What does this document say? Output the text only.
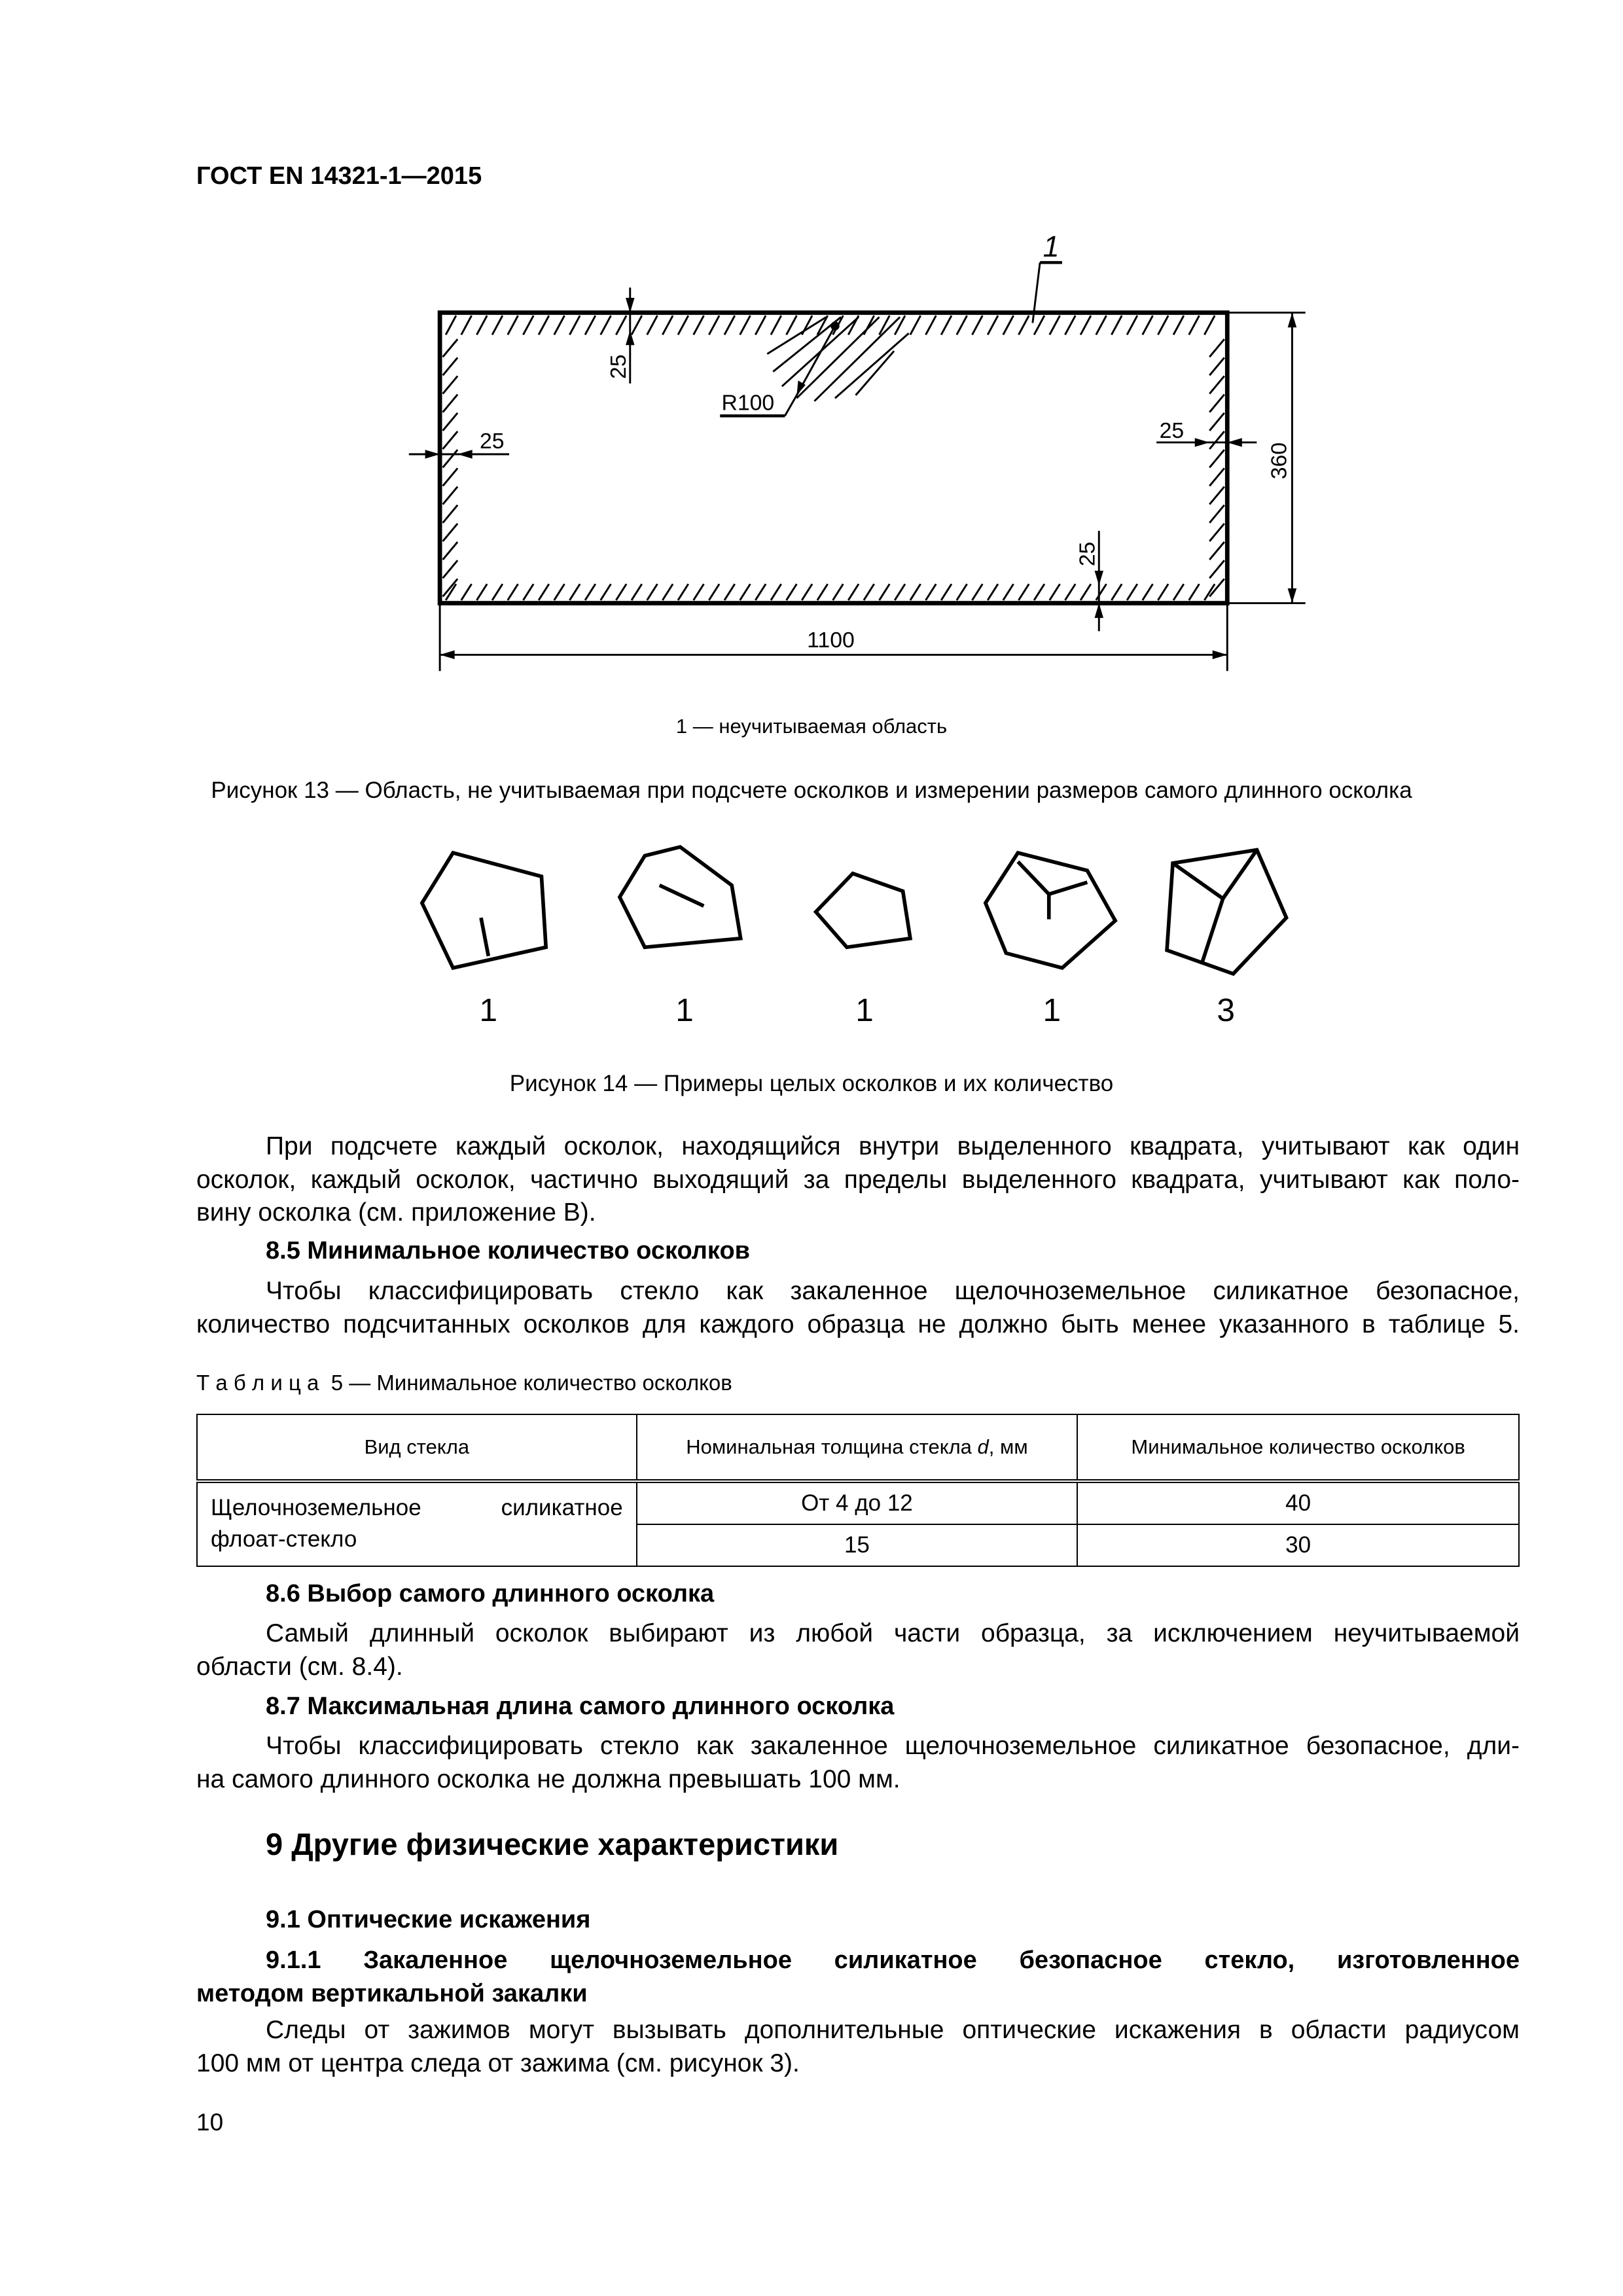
ГОСТ EN 14321-1—2015
1
R100
25
25	25
25
360
1100
1 — неучитываемая область
Рисунок 13 — Область, не учитываемая при подсчете осколков и измерении размеров самого длинного осколка
1	1	1	1	3
Рисунок 14 — Примеры целых осколков и их количество
При подсчете каждый осколок, находящийся внутри выделенного квадрата, учитывают как один
осколок, каждый осколок, частично выходящий за пределы выделенного квадрата, учитывают как поло-
вину осколка (см. приложение В).
8.5 Минимальное количество осколков
Чтобы классифицировать стекло как закаленное щелочноземельное силикатное безопасное,
количество подсчитанных осколков для каждого образца не должно быть менее указанного в таблице 5.
Т а б л и ц а  5 — Минимальное количество осколков
Вид стекла	Номинальная толщина стекла d, мм	Минимальное количество осколков

Щелочноземельное силикатное
флоат-стекло	От 4 до 12	40
	15	30
8.6 Выбор самого длинного осколка
Самый длинный осколок выбирают из любой части образца, за исключением неучитываемой
области (см. 8.4).
8.7 Максимальная длина самого длинного осколка
Чтобы классифицировать стекло как закаленное щелочноземельное силикатное безопасное, дли-
на самого длинного осколка не должна превышать 100 мм.
9 Другие физические характеристики
9.1 Оптические искажения
9.1.1 Закаленное щелочноземельное силикатное безопасное стекло, изготовленное
методом вертикальной закалки
Следы от зажимов могут вызывать дополнительные оптические искажения в области радиусом
100 мм от центра следа от зажима (см. рисунок 3).
10
